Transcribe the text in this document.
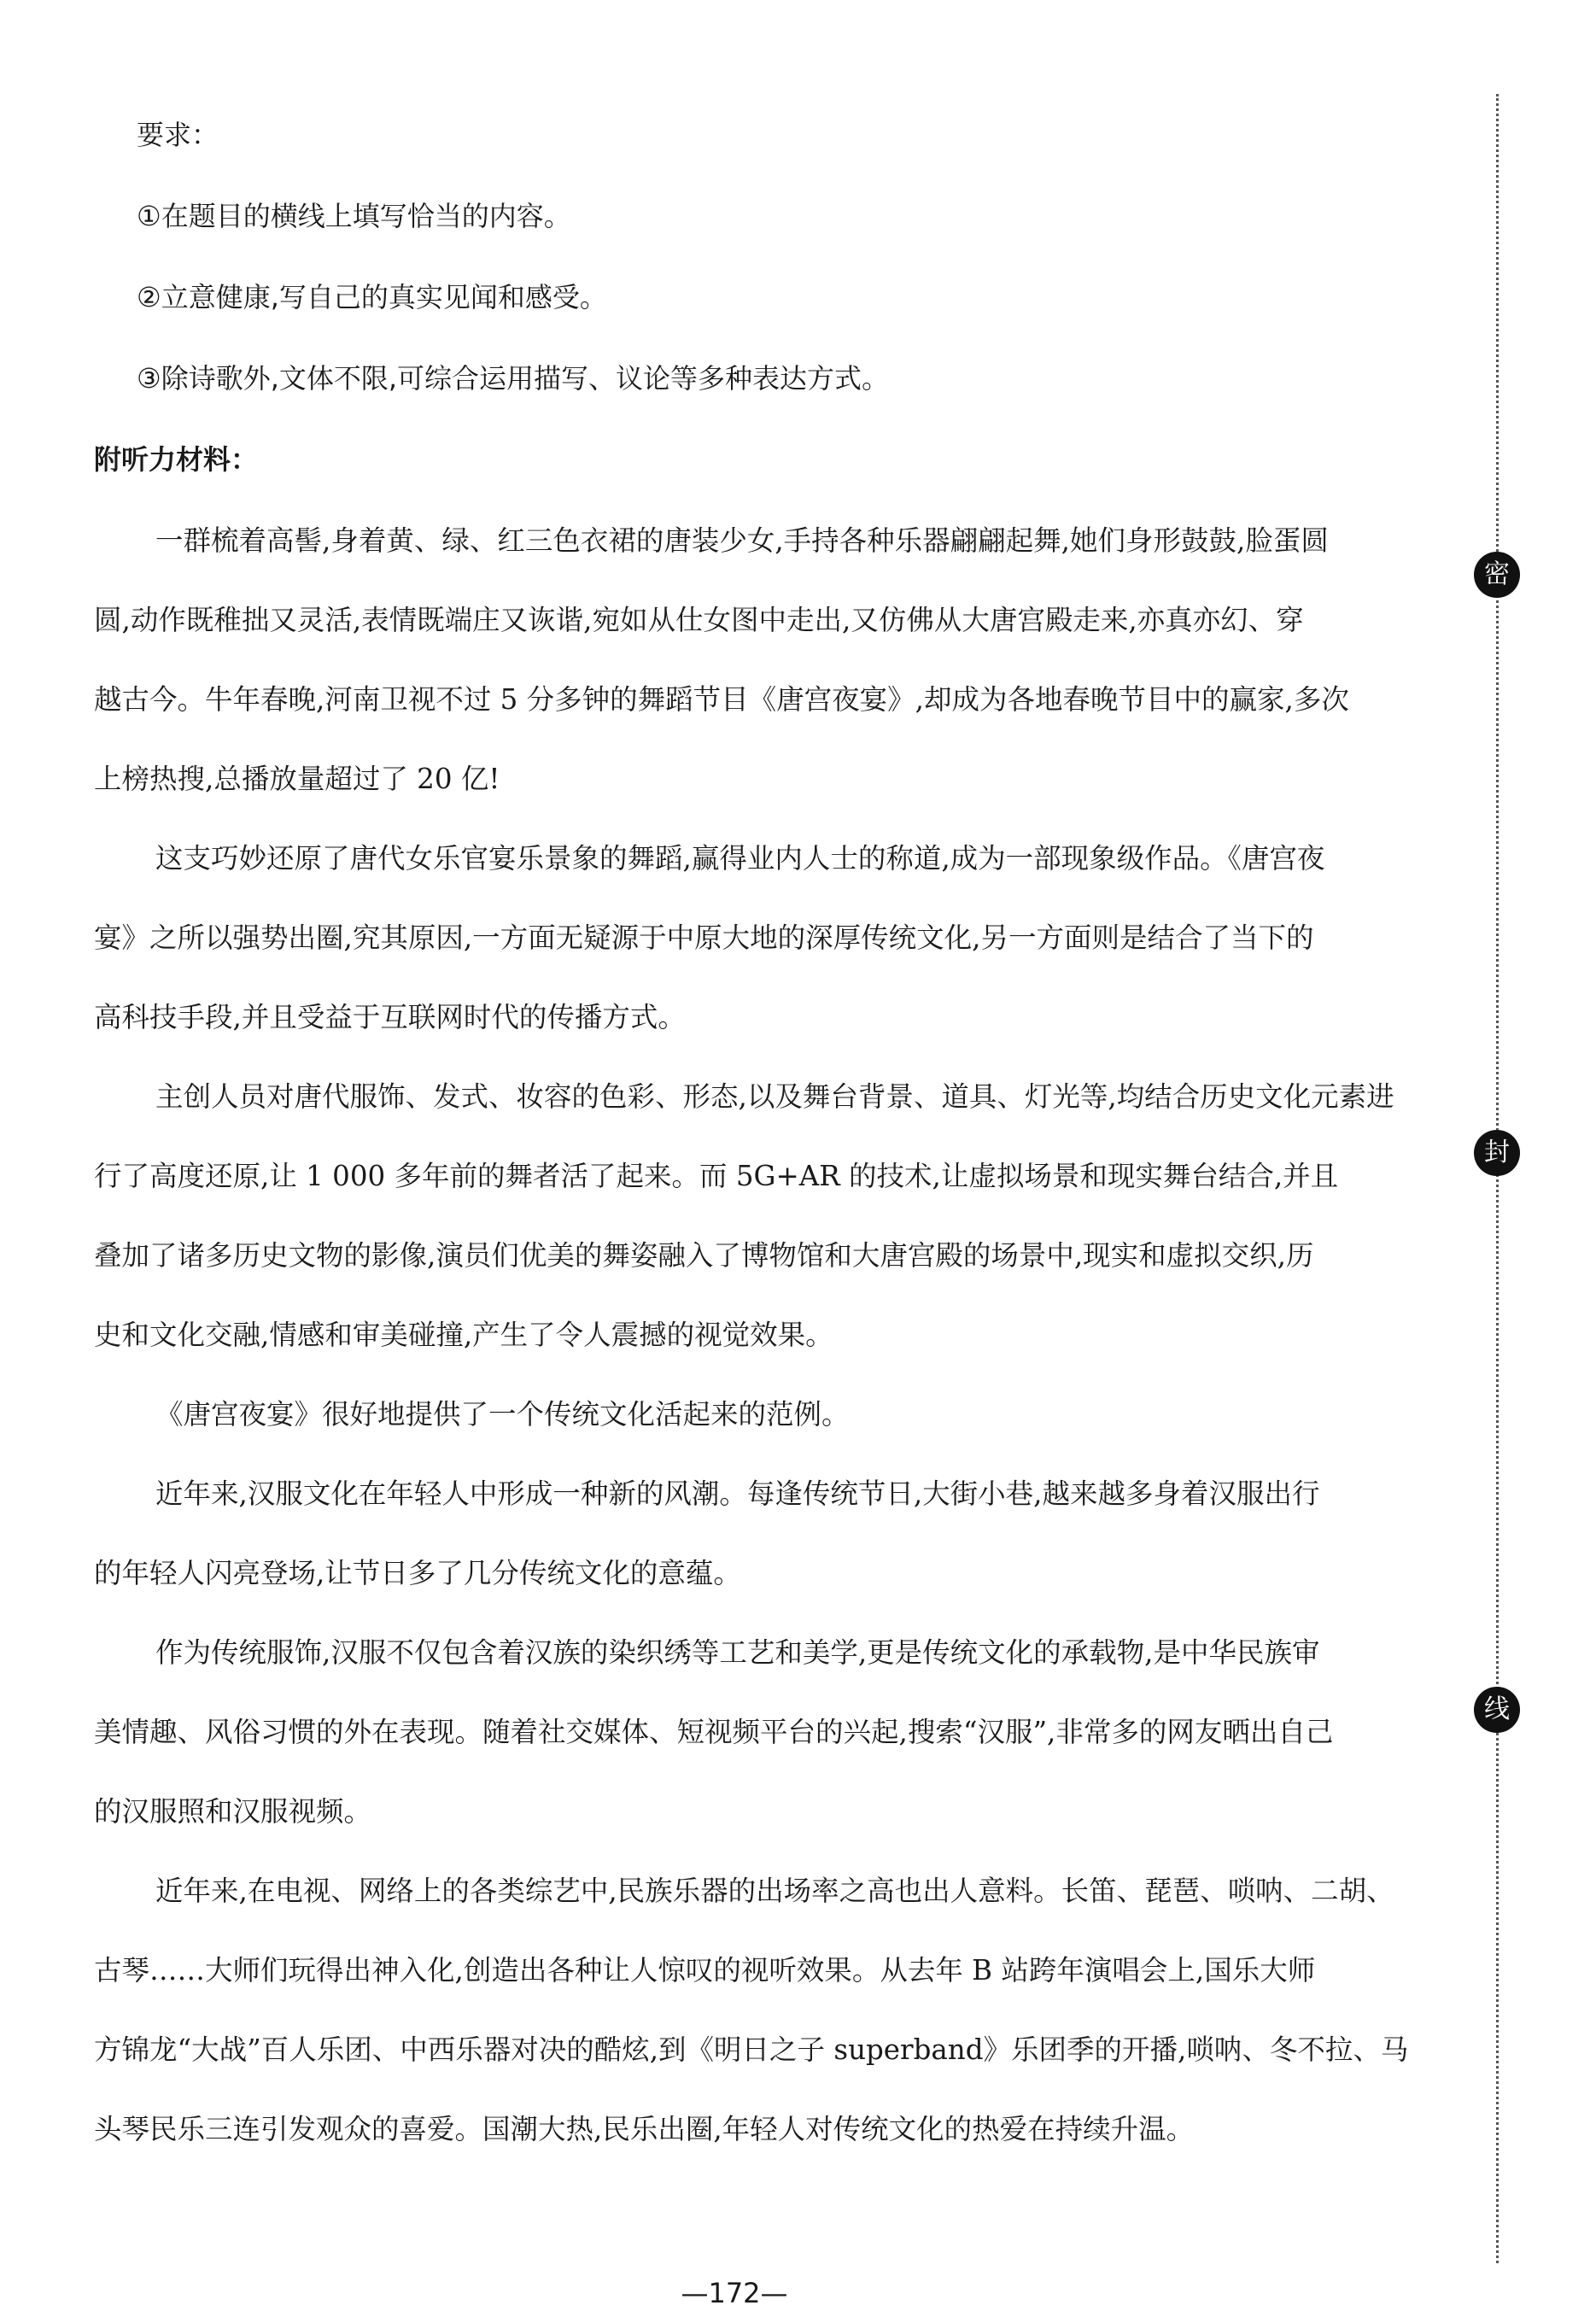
要求：
①在题目的横线上填写恰当的内容。
②立意健康,写自己的真实见闻和感受。
③除诗歌外,文体不限,可综合运用描写、议论等多种表达方式。
附听力材料：
一群梳着高髻,身着黄、绿、红三色衣裙的唐装少女,手持各种乐器翩翩起舞,她们身形鼓鼓,脸蛋圆
圆,动作既稚拙又灵活,表情既端庄又诙谐,宛如从仕女图中走出,又仿佛从大唐宫殿走来,亦真亦幻、穿
越古今。牛年春晚,河南卫视不过 5 分多钟的舞蹈节目《唐宫夜宴》,却成为各地春晚节目中的赢家,多次
上榜热搜,总播放量超过了 20 亿!
这支巧妙还原了唐代女乐官宴乐景象的舞蹈,赢得业内人士的称道,成为一部现象级作品。《唐宫夜
宴》之所以强势出圈,究其原因,一方面无疑源于中原大地的深厚传统文化,另一方面则是结合了当下的
高科技手段,并且受益于互联网时代的传播方式。
主创人员对唐代服饰、发式、妆容的色彩、形态,以及舞台背景、道具、灯光等,均结合历史文化元素进
行了高度还原,让 1 000 多年前的舞者活了起来。而 5G+AR 的技术,让虚拟场景和现实舞台结合,并且
叠加了诸多历史文物的影像,演员们优美的舞姿融入了博物馆和大唐宫殿的场景中,现实和虚拟交织,历
史和文化交融,情感和审美碰撞,产生了令人震撼的视觉效果。
《唐宫夜宴》很好地提供了一个传统文化活起来的范例。
近年来,汉服文化在年轻人中形成一种新的风潮。每逢传统节日,大街小巷,越来越多身着汉服出行
的年轻人闪亮登场,让节日多了几分传统文化的意蕴。
作为传统服饰,汉服不仅包含着汉族的染织绣等工艺和美学,更是传统文化的承载物,是中华民族审
美情趣、风俗习惯的外在表现。随着社交媒体、短视频平台的兴起,搜索“汉服”,非常多的网友晒出自己
的汉服照和汉服视频。
近年来,在电视、网络上的各类综艺中,民族乐器的出场率之高也出人意料。长笛、琵琶、唢呐、二胡、
古琴……大师们玩得出神入化,创造出各种让人惊叹的视听效果。从去年 B 站跨年演唱会上,国乐大师
方锦龙“大战”百人乐团、中西乐器对决的酷炫,到《明日之子 superband》乐团季的开播,唢呐、冬不拉、马
头琴民乐三连引发观众的喜爱。国潮大热,民乐出圈,年轻人对传统文化的热爱在持续升温。
—172—
密
封
线
